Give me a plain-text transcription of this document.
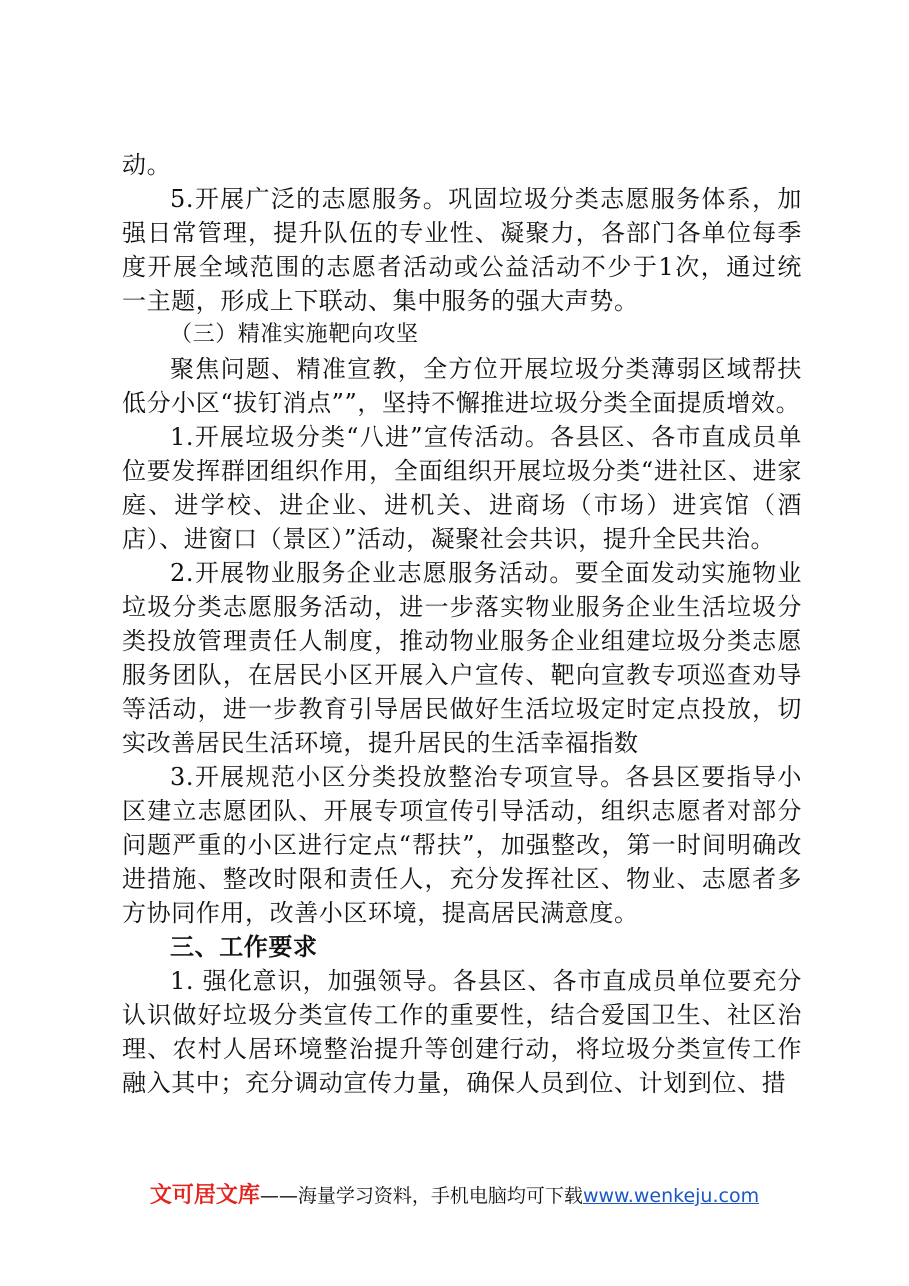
动。

5.开展广泛的志愿服务。巩固垃圾分类志愿服务体系，加强日常管理，提升队伍的专业性、凝聚力，各部门各单位每季度开展全域范围的志愿者活动或公益活动不少于1次，通过统一主题，形成上下联动、集中服务的强大声势。

（三）精准实施靶向攻坚

聚焦问题、精准宣教，全方位开展垃圾分类薄弱区域帮扶低分小区“拔钉消点””，坚持不懈推进垃圾分类全面提质增效。

1.开展垃圾分类“八进”宣传活动。各县区、各市直成员单位要发挥群团组织作用，全面组织开展垃圾分类“进社区、进家庭、进学校、进企业、进机关、进商场（市场）进宾馆（酒店）、进窗口（景区）”活动，凝聚社会共识，提升全民共治。

2.开展物业服务企业志愿服务活动。要全面发动实施物业垃圾分类志愿服务活动，进一步落实物业服务企业生活垃圾分类投放管理责任人制度，推动物业服务企业组建垃圾分类志愿服务团队，在居民小区开展入户宣传、靶向宣教专项巡查劝导等活动，进一步教育引导居民做好生活垃圾定时定点投放，切实改善居民生活环境，提升居民的生活幸福指数

3.开展规范小区分类投放整治专项宣导。各县区要指导小区建立志愿团队、开展专项宣传引导活动，组织志愿者对部分问题严重的小区进行定点“帮扶”，加强整改，第一时间明确改进措施、整改时限和责任人，充分发挥社区、物业、志愿者多方协同作用，改善小区环境，提高居民满意度。

三、工作要求

1. 强化意识，加强领导。各县区、各市直成员单位要充分认识做好垃圾分类宣传工作的重要性，结合爱国卫生、社区治理、农村人居环境整治提升等创建行动，将垃圾分类宣传工作融入其中；充分调动宣传力量，确保人员到位、计划到位、措

文可居文库——海量学习资料，手机电脑均可下载www.wenkeju.com
